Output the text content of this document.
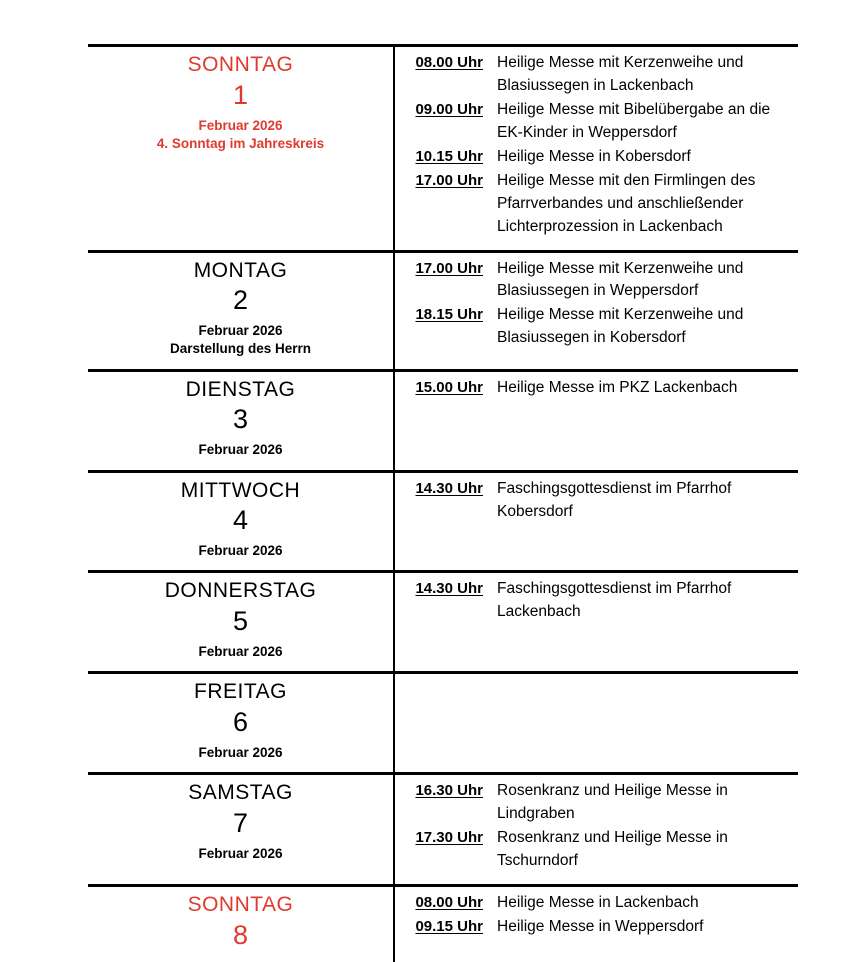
SONNTAG
1
Februar 2026
4. Sonntag im Jahreskreis
08.00 Uhr Heilige Messe mit Kerzenweihe und Blasiussegen in Lackenbach
09.00 Uhr Heilige Messe mit Bibelübergabe an die EK-Kinder in Weppersdorf
10.15 Uhr Heilige Messe in Kobersdorf
17.00 Uhr Heilige Messe mit den Firmlingen des Pfarrverbandes und anschließender Lichterprozession in Lackenbach
MONTAG
2
Februar 2026
Darstellung des Herrn
17.00 Uhr Heilige Messe mit Kerzenweihe und Blasiussegen in Weppersdorf
18.15 Uhr Heilige Messe mit Kerzenweihe und Blasiussegen in Kobersdorf
DIENSTAG
3
Februar 2026
15.00 Uhr Heilige Messe im PKZ Lackenbach
MITTWOCH
4
Februar 2026
14.30 Uhr Faschingsgottesdienst im Pfarrhof Kobersdorf
DONNERSTAG
5
Februar 2026
14.30 Uhr Faschingsgottesdienst im Pfarrhof Lackenbach
FREITAG
6
Februar 2026
SAMSTAG
7
Februar 2026
16.30 Uhr Rosenkranz und Heilige Messe in Lindgraben
17.30 Uhr Rosenkranz und Heilige Messe in Tschurndorf
SONNTAG
8
08.00 Uhr Heilige Messe in Lackenbach
09.15 Uhr Heilige Messe in Weppersdorf
